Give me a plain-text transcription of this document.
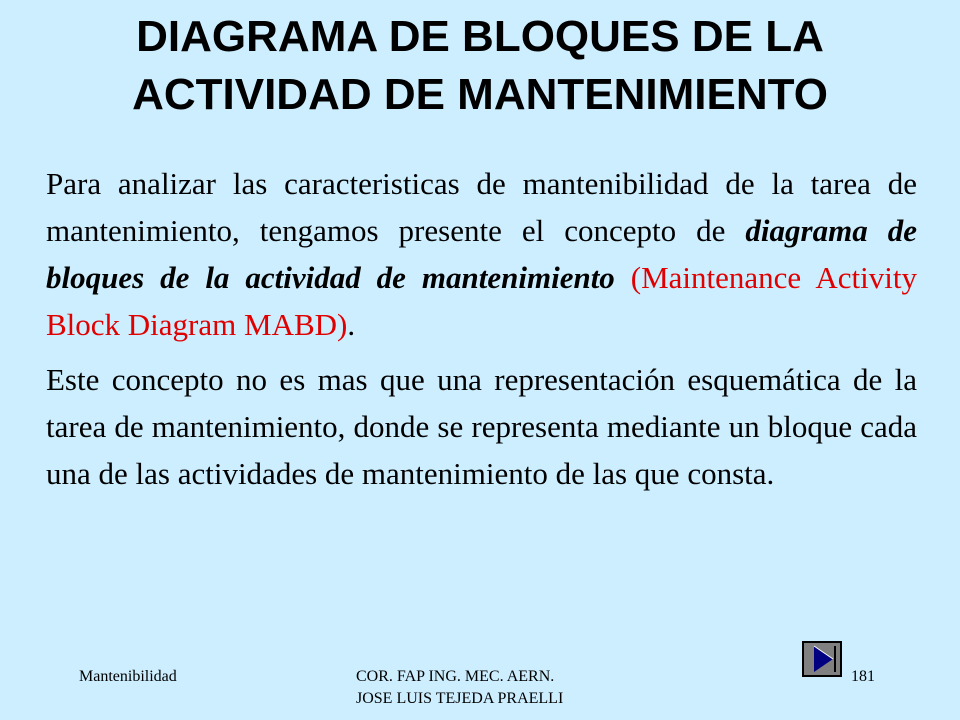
DIAGRAMA DE BLOQUES DE LA
ACTIVIDAD DE MANTENIMIENTO

Para analizar las caracteristicas de mantenibilidad de la tarea de mantenimiento, tengamos presente el concepto de diagrama de bloques de la actividad de mantenimiento (Maintenance Activity Block Diagram MABD).

Este concepto no es mas que una representación esquemática de la tarea de mantenimiento, donde se representa mediante un bloque cada una de las actividades de mantenimiento de las que consta.

Mantenibilidad	COR. FAP ING. MEC. AERN.
JOSE LUIS TEJEDA PRAELLI
181
